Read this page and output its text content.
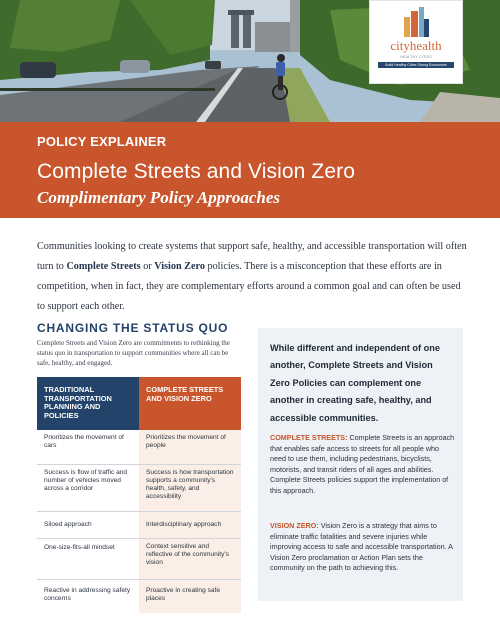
cityhealth
HEALTHY CITIES
Build Healthy Cities Strong Economies
POLICY EXPLAINER
Complete Streets and Vision Zero
Complimentary Policy Approaches

Communities looking to create systems that support safe, healthy, and accessible transportation will often turn to Complete Streets or Vision Zero policies. There is a misconception that these efforts are in competition, when in fact, they are complementary efforts around a common goal and can often be used to support each other.

CHANGING THE STATUS QUO

Complete Streets and Vision Zero are commitments to rethinking the status quo in transportation to support communities where all can be safe, healthy, and engaged.

TRADITIONAL TRANSPORTATION PLANNING AND POLICIES	COMPLETE STREETS AND VISION ZERO
Prioritizes the movement of cars	Prioritizes the movement of people
Success is flow of traffic and number of vehicles moved across a corridor	Success is how transportation supports a community's health, safety, and accessibility
Siloed approach	Interdisciplinary approach
One-size-fits-all mindset	Context sensitive and reflective of the community's vision
Reactive in addressing safety concerns	Proactive in creating safe places

While different and independent of one another, Complete Streets and Vision Zero Policies can complement one another in creating safe, healthy, and accessible communities.

COMPLETE STREETS: Complete Streets is an approach that enables safe access to streets for all people who need to use them, including pedestrians, bicyclists, motorists, and transit riders of all ages and abilities. Complete Streets policies support the implementation of this approach.

VISION ZERO: Vision Zero is a strategy that aims to eliminate traffic fatalities and severe injuries while improving access to safe and accessible transportation. A Vision Zero proclamation or Action Plan sets the community on the path to achieving this.
